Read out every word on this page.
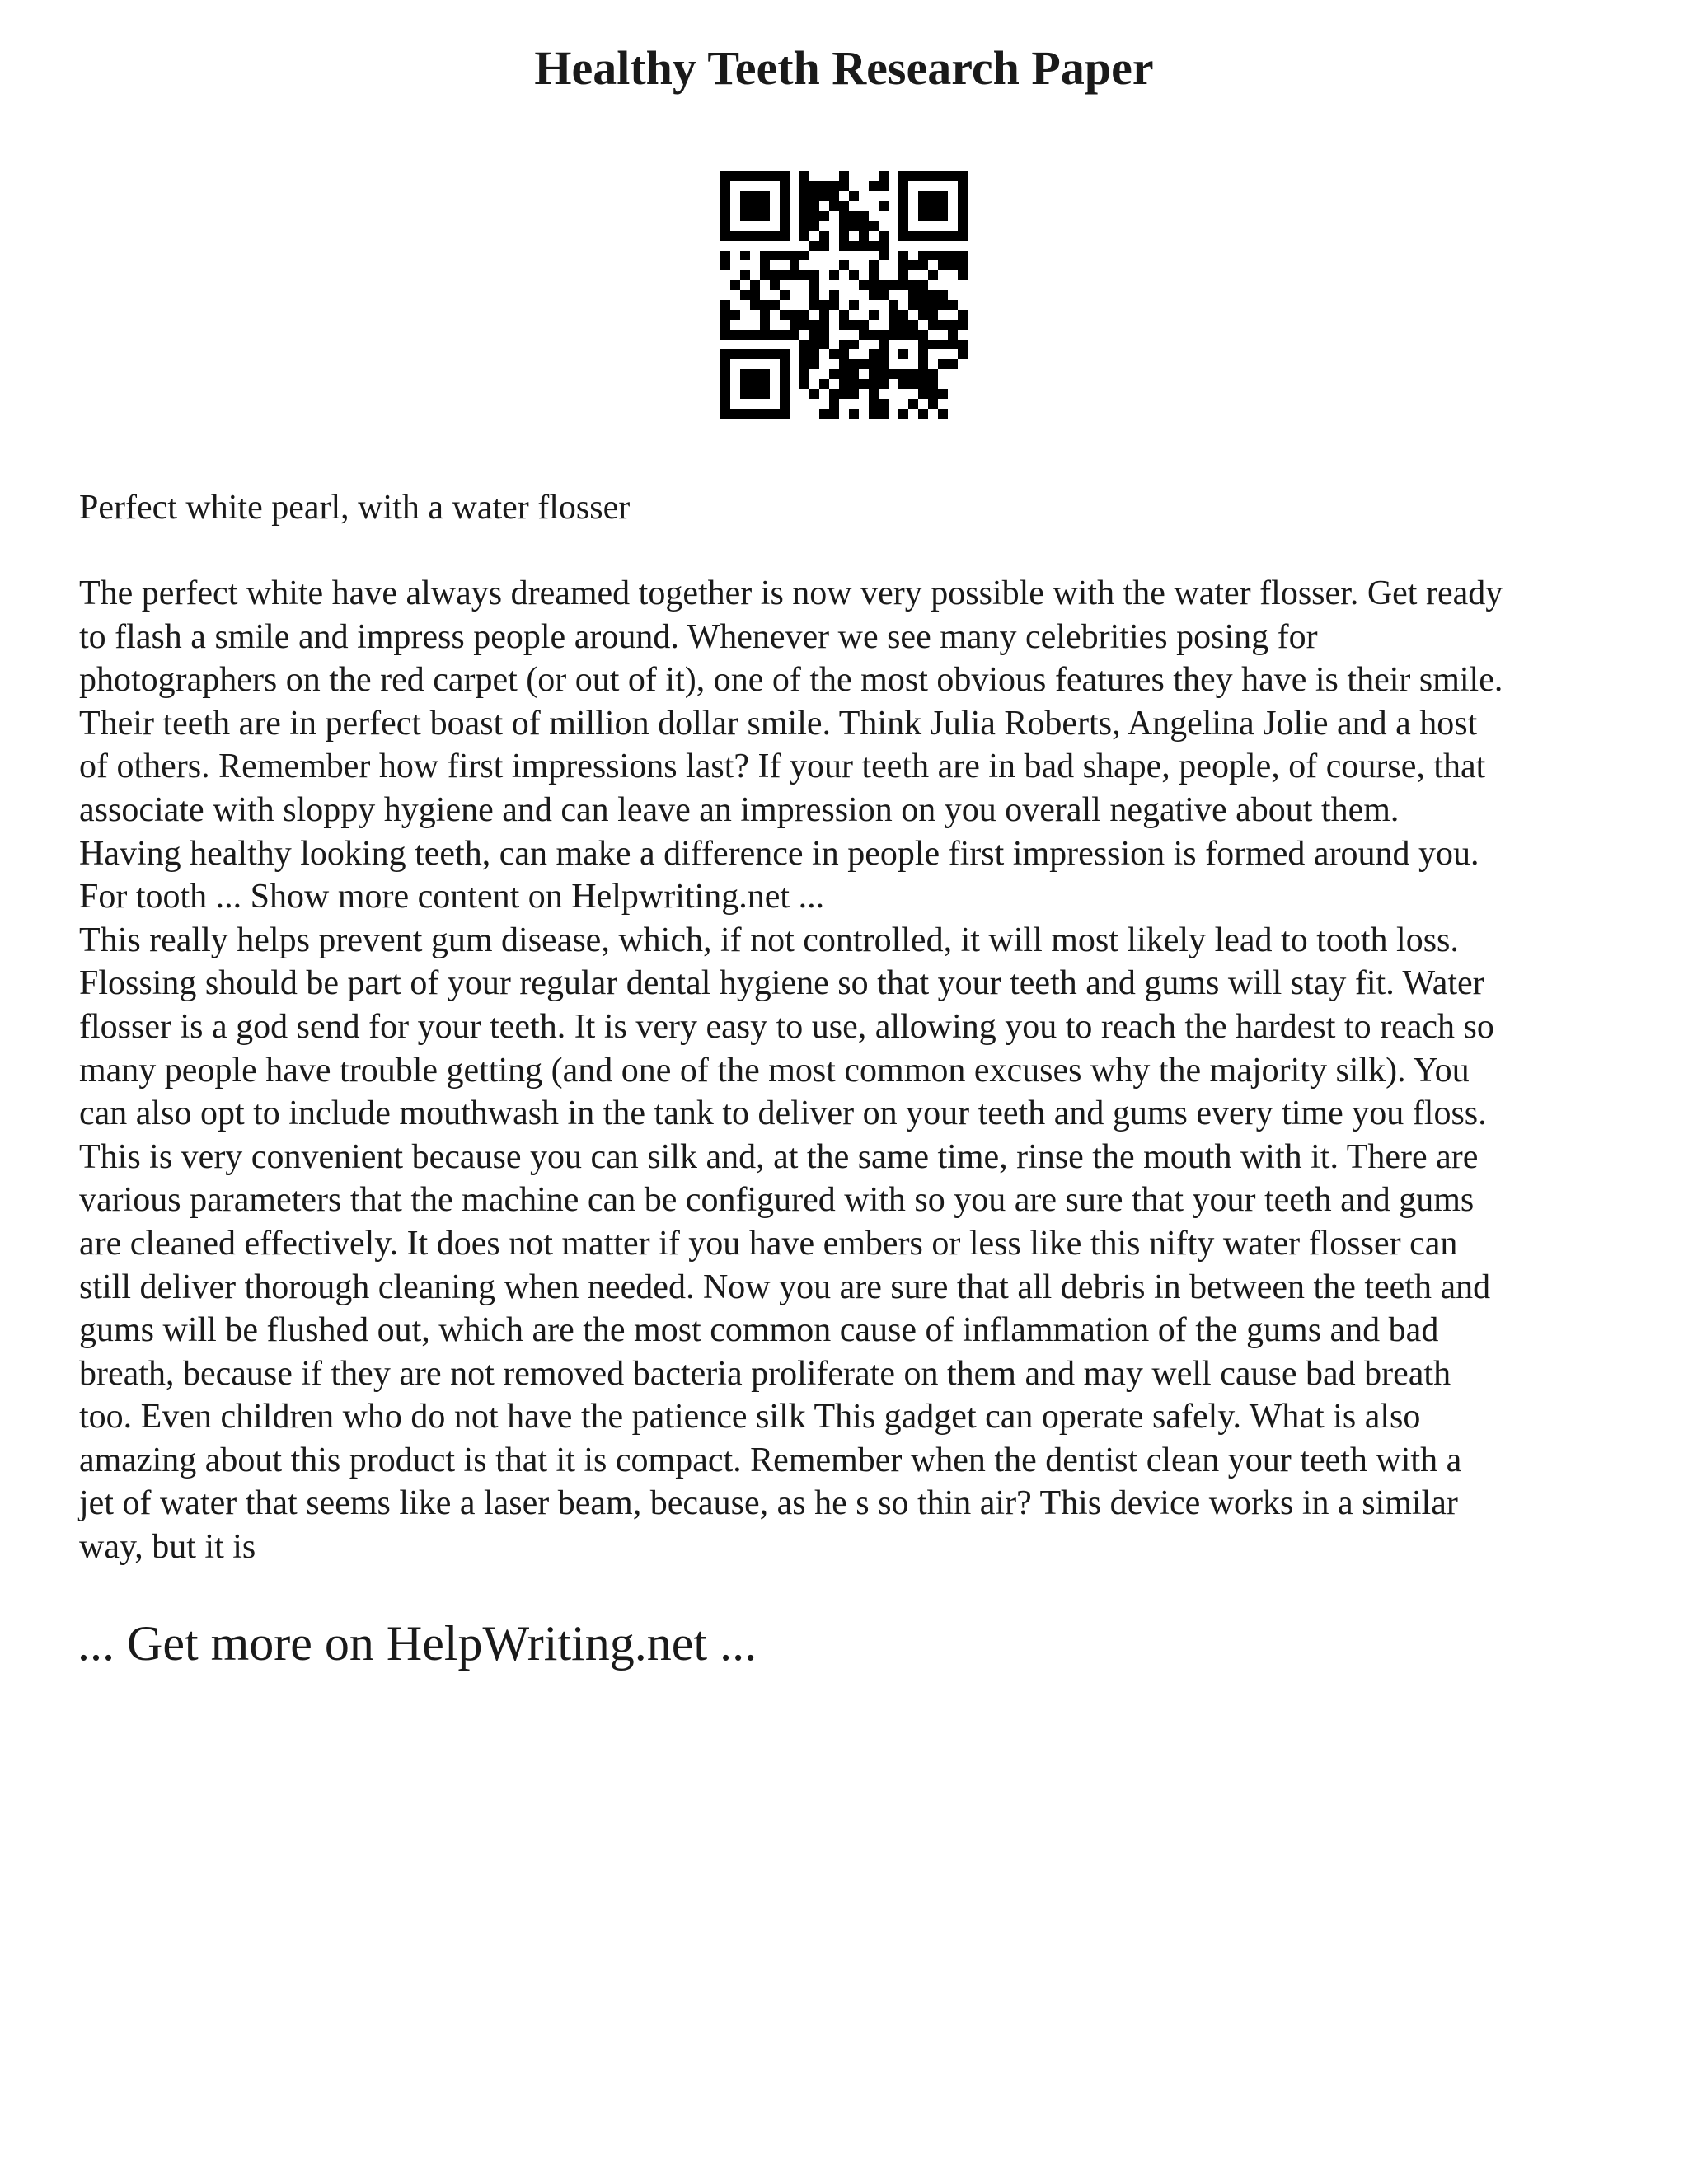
Healthy Teeth Research Paper

Perfect white pearl, with a water flosser

The perfect white have always dreamed together is now very possible with the water flosser. Get ready
to flash a smile and impress people around. Whenever we see many celebrities posing for
photographers on the red carpet (or out of it), one of the most obvious features they have is their smile.
Their teeth are in perfect boast of million dollar smile. Think Julia Roberts, Angelina Jolie and a host
of others. Remember how first impressions last? If your teeth are in bad shape, people, of course, that
associate with sloppy hygiene and can leave an impression on you overall negative about them.
Having healthy looking teeth, can make a difference in people first impression is formed around you.
For tooth ... Show more content on Helpwriting.net ...
This really helps prevent gum disease, which, if not controlled, it will most likely lead to tooth loss.
Flossing should be part of your regular dental hygiene so that your teeth and gums will stay fit. Water
flosser is a god send for your teeth. It is very easy to use, allowing you to reach the hardest to reach so
many people have trouble getting (and one of the most common excuses why the majority silk). You
can also opt to include mouthwash in the tank to deliver on your teeth and gums every time you floss.
This is very convenient because you can silk and, at the same time, rinse the mouth with it. There are
various parameters that the machine can be configured with so you are sure that your teeth and gums
are cleaned effectively. It does not matter if you have embers or less like this nifty water flosser can
still deliver thorough cleaning when needed. Now you are sure that all debris in between the teeth and
gums will be flushed out, which are the most common cause of inflammation of the gums and bad
breath, because if they are not removed bacteria proliferate on them and may well cause bad breath
too. Even children who do not have the patience silk This gadget can operate safely. What is also
amazing about this product is that it is compact. Remember when the dentist clean your teeth with a
jet of water that seems like a laser beam, because, as he s so thin air? This device works in a similar
way, but it is

... Get more on HelpWriting.net ...
